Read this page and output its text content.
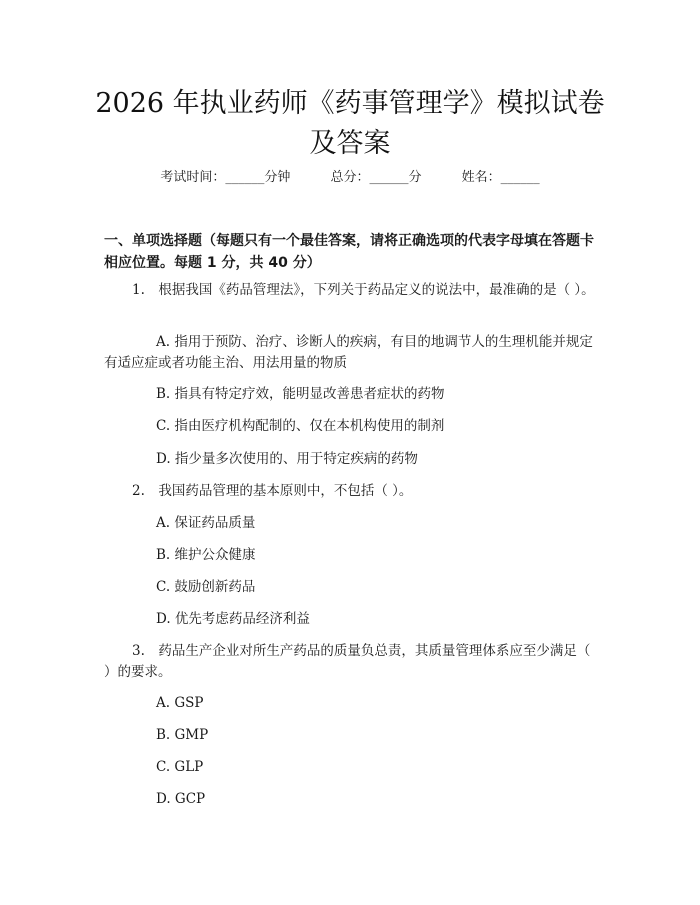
2026 年执业药师《药事管理学》模拟试卷及答案
考试时间：______分钟	总分：______分	姓名：______
一、单项选择题（每题只有一个最佳答案，请将正确选项的代表字母填在答题卡相应位置。每题 1 分，共 40 分）

1.　根据我国《药品管理法》，下列关于药品定义的说法中，最准确的是（ ）。

A. 指用于预防、治疗、诊断人的疾病，有目的地调节人的生理机能并规定有适应症或者功能主治、用法用量的物质
B. 指具有特定疗效，能明显改善患者症状的药物
C. 指由医疗机构配制的、仅在本机构使用的制剂
D. 指少量多次使用的、用于特定疾病的药物

2.　我国药品管理的基本原则中，不包括（ ）。

A. 保证药品质量
B. 维护公众健康
C. 鼓励创新药品
D. 优先考虑药品经济利益

3.　药品生产企业对所生产药品的质量负总责，其质量管理体系应至少满足（ ）的要求。

A. GSP
B. GMP
C. GLP
D. GCP
